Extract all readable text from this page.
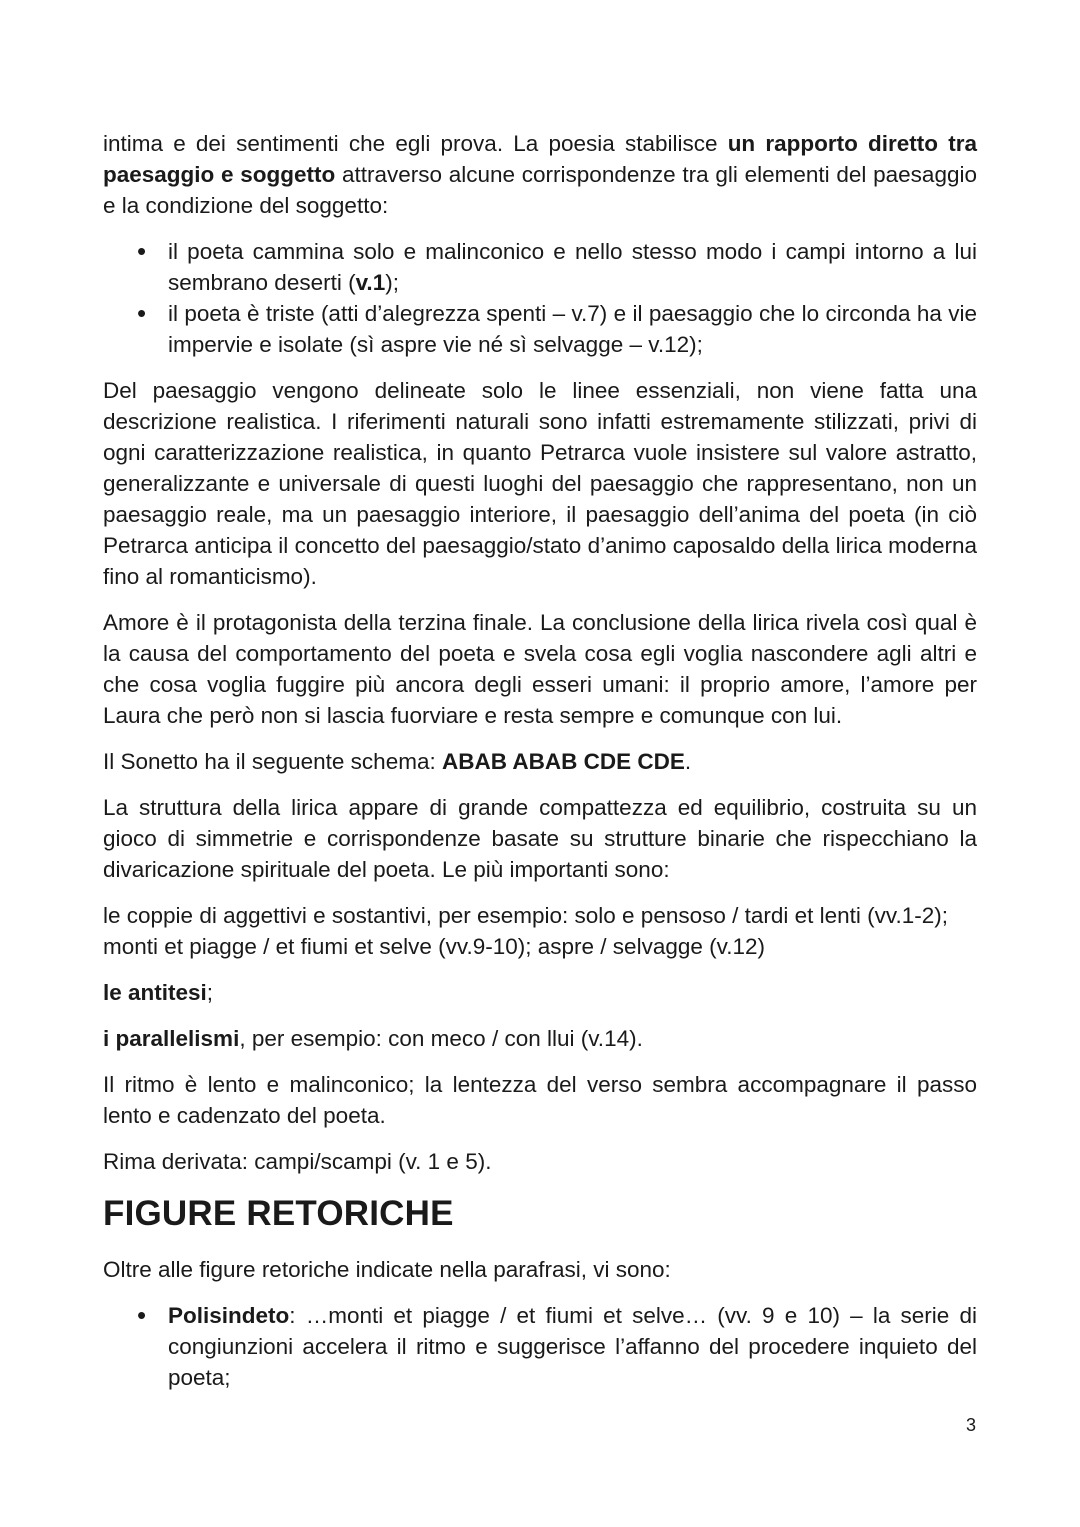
intima e dei sentimenti che egli prova. La poesia stabilisce un rapporto diretto tra paesaggio e soggetto attraverso alcune corrispondenze tra gli elementi del paesaggio e la condizione del soggetto:

• il poeta cammina solo e malinconico e nello stesso modo i campi intorno a lui sembrano deserti (v.1);
• il poeta è triste (atti d’alegrezza spenti – v.7) e il paesaggio che lo circonda ha vie impervie e isolate (sì aspre vie né sì selvagge – v.12);

Del paesaggio vengono delineate solo le linee essenziali, non viene fatta una descrizione realistica. I riferimenti naturali sono infatti estremamente stilizzati, privi di ogni caratterizzazione realistica, in quanto Petrarca vuole insistere sul valore astratto, generalizzante e universale di questi luoghi del paesaggio che rappresentano, non un paesaggio reale, ma un paesaggio interiore, il paesaggio dell’anima del poeta (in ciò Petrarca anticipa il concetto del paesaggio/stato d’animo caposaldo della lirica moderna fino al romanticismo).

Amore è il protagonista della terzina finale. La conclusione della lirica rivela così qual è la causa del comportamento del poeta e svela cosa egli voglia nascondere agli altri e che cosa voglia fuggire più ancora degli esseri umani: il proprio amore, l’amore per Laura che però non si lascia fuorviare e resta sempre e comunque con lui.

Il Sonetto ha il seguente schema: ABAB ABAB CDE CDE.

La struttura della lirica appare di grande compattezza ed equilibrio, costruita su un gioco di simmetrie e corrispondenze basate su strutture binarie che rispecchiano la divaricazione spirituale del poeta. Le più importanti sono:

le coppie di aggettivi e sostantivi, per esempio: solo e pensoso / tardi et lenti (vv.1-2); monti et piagge / et fiumi et selve (vv.9-10); aspre / selvagge (v.12)

le antitesi;

i parallelismi, per esempio: con meco / con llui (v.14).

Il ritmo è lento e malinconico; la lentezza del verso sembra accompagnare il passo lento e cadenzato del poeta.

Rima derivata: campi/scampi (v. 1 e 5).

FIGURE RETORICHE

Oltre alle figure retoriche indicate nella parafrasi, vi sono:

• Polisindeto: …monti et piagge / et fiumi et selve… (vv. 9 e 10) – la serie di congiunzioni accelera il ritmo e suggerisce l’affanno del procedere inquieto del poeta;
3
